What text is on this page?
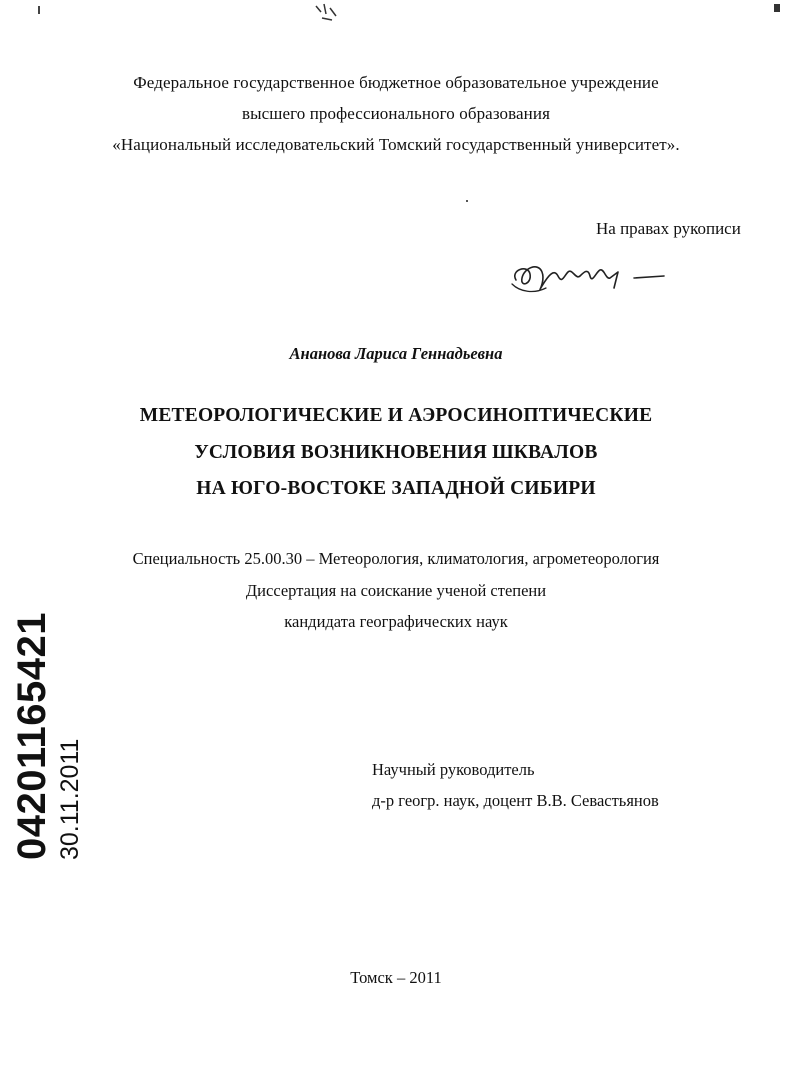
Федеральное государственное бюджетное образовательное учреждение
высшего профессионального образования
«Национальный исследовательский Томский государственный университет».
На правах рукописи
Ананова Лариса Геннадьевна
МЕТЕОРОЛОГИЧЕСКИЕ И АЭРОСИНОПТИЧЕСКИЕ
УСЛОВИЯ ВОЗНИКНОВЕНИЯ ШКВАЛОВ
НА ЮГО-ВОСТОКЕ ЗАПАДНОЙ СИБИРИ
Специальность 25.00.30 – Метеорология, климатология, агрометеорология
Диссертация на соискание ученой степени
кандидата географических наук
04201165421 30.11.2011	Научный руководитель
д-р геогр. наук, доцент В.В. Севастьянов
Томск – 2011
